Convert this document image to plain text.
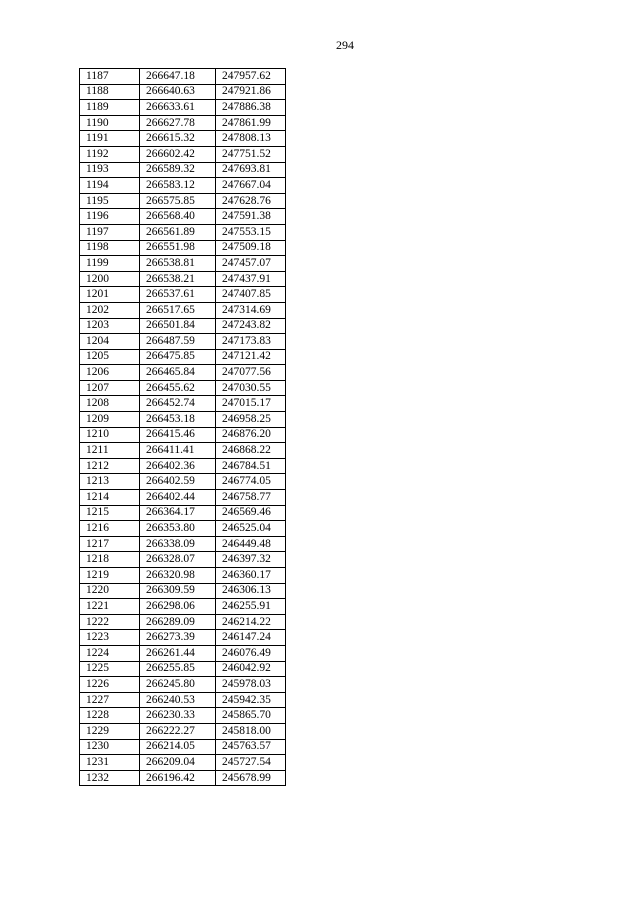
294
1187	266647.18	247957.62
1188	266640.63	247921.86
1189	266633.61	247886.38
1190	266627.78	247861.99
1191	266615.32	247808.13
1192	266602.42	247751.52
1193	266589.32	247693.81
1194	266583.12	247667.04
1195	266575.85	247628.76
1196	266568.40	247591.38
1197	266561.89	247553.15
1198	266551.98	247509.18
1199	266538.81	247457.07
1200	266538.21	247437.91
1201	266537.61	247407.85
1202	266517.65	247314.69
1203	266501.84	247243.82
1204	266487.59	247173.83
1205	266475.85	247121.42
1206	266465.84	247077.56
1207	266455.62	247030.55
1208	266452.74	247015.17
1209	266453.18	246958.25
1210	266415.46	246876.20
1211	266411.41	246868.22
1212	266402.36	246784.51
1213	266402.59	246774.05
1214	266402.44	246758.77
1215	266364.17	246569.46
1216	266353.80	246525.04
1217	266338.09	246449.48
1218	266328.07	246397.32
1219	266320.98	246360.17
1220	266309.59	246306.13
1221	266298.06	246255.91
1222	266289.09	246214.22
1223	266273.39	246147.24
1224	266261.44	246076.49
1225	266255.85	246042.92
1226	266245.80	245978.03
1227	266240.53	245942.35
1228	266230.33	245865.70
1229	266222.27	245818.00
1230	266214.05	245763.57
1231	266209.04	245727.54
1232	266196.42	245678.99
